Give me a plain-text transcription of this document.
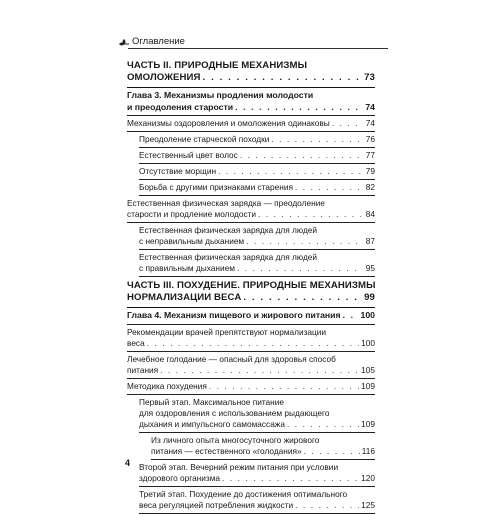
Оглавление
ЧАСТЬ II. ПРИРОДНЫЕ МЕХАНИЗМЫ
ОМОЛОЖЕНИЯ . . .	73
Глава 3. Механизмы продления молодости
и преодоления старости . . .	74
Механизмы оздоровления и омоложения одинаковы . . .	74
Преодоление старческой походки . . .	76
Естественный цвет волос . . .	77
Отсутствие морщин . . .	79
Борьба с другими признаками старения . . .	82
Естественная физическая зарядка — преодоление
старости и продление молодости . . .	84
Естественная физическая зарядка для людей
с неправильным дыханием . . .	87
Естественная физическая зарядка для людей
с правильным дыханием . . .	95
ЧАСТЬ III. ПОХУДЕНИЕ. ПРИРОДНЫЕ МЕХАНИЗМЫ
НОРМАЛИЗАЦИИ ВЕСА . . .	99
Глава 4. Механизм пищевого и жирового питания . . . 100
Рекомендации врачей препятствуют нормализации
веса . . .	100
Лечебное голодание — опасный для здоровья способ
питания . . .	105
Методика похудения . . .	109
Первый этап. Максимальное питание
для оздоровления с использованием рыдающего
дыхания и импульсного самомассажа . . .	109
Из личного опыта многосуточного жирового
питания — естественного «голодания» . . .	116
Второй этап. Вечерний режим питания при условии
здорового организма . . .	120
Третий этап. Похудение до достижения оптимального
веса регуляцией потребления жидкости . . .	125
4
